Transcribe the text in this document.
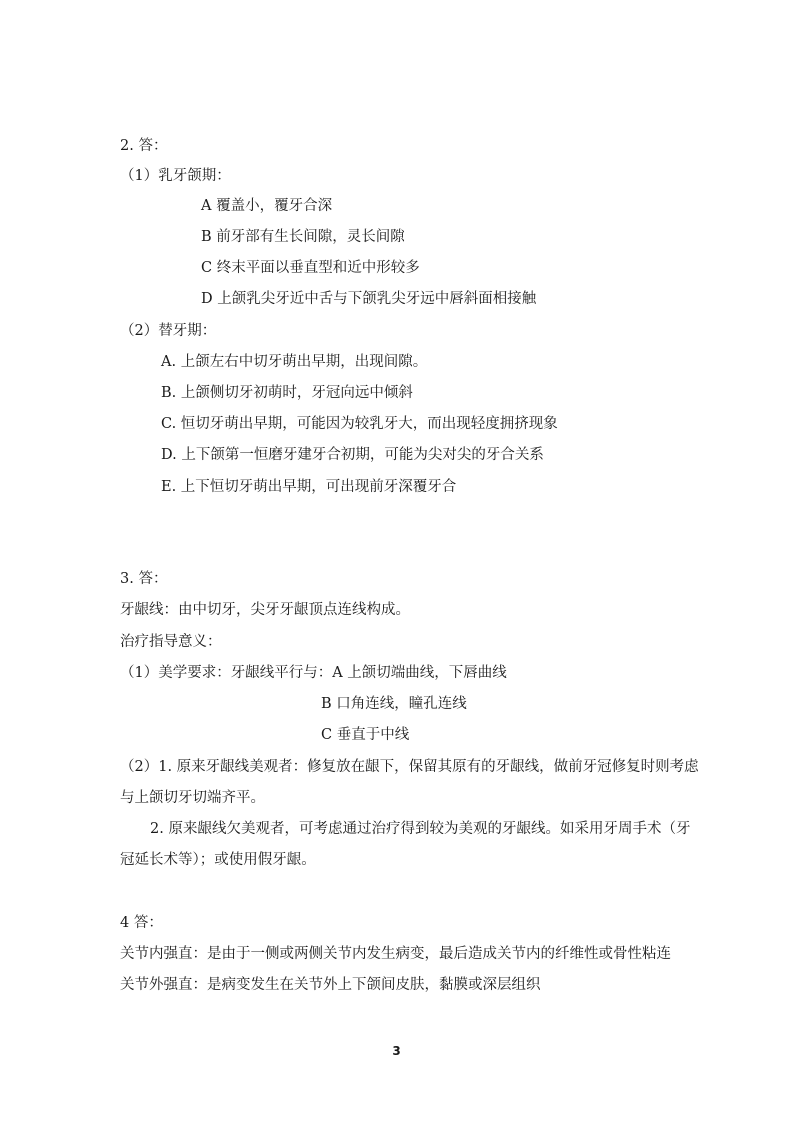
2. 答：
（1）乳牙颌期：
A 覆盖小，覆牙合深
B 前牙部有生长间隙，灵长间隙
C 终末平面以垂直型和近中形较多
D 上颌乳尖牙近中舌与下颌乳尖牙远中唇斜面相接触
（2）替牙期：
A. 上颌左右中切牙萌出早期，出现间隙。
B. 上颌侧切牙初萌时，牙冠向远中倾斜
C. 恒切牙萌出早期，可能因为较乳牙大，而出现轻度拥挤现象
D. 上下颌第一恒磨牙建牙合初期，可能为尖对尖的牙合关系
E. 上下恒切牙萌出早期，可出现前牙深覆牙合
3. 答：
牙龈线：由中切牙，尖牙牙龈顶点连线构成。
治疗指导意义：
（1）美学要求：牙龈线平行与：A 上颌切端曲线，下唇曲线
B 口角连线，瞳孔连线
C 垂直于中线
（2）1. 原来牙龈线美观者：修复放在龈下，保留其原有的牙龈线，做前牙冠修复时则考虑
与上颌切牙切端齐平。
2. 原来龈线欠美观者，可考虑通过治疗得到较为美观的牙龈线。如采用牙周手术（牙
冠延长术等）；或使用假牙龈。
4 答：
关节内强直：是由于一侧或两侧关节内发生病变，最后造成关节内的纤维性或骨性粘连
关节外强直：是病变发生在关节外上下颌间皮肤，黏膜或深层组织
3
